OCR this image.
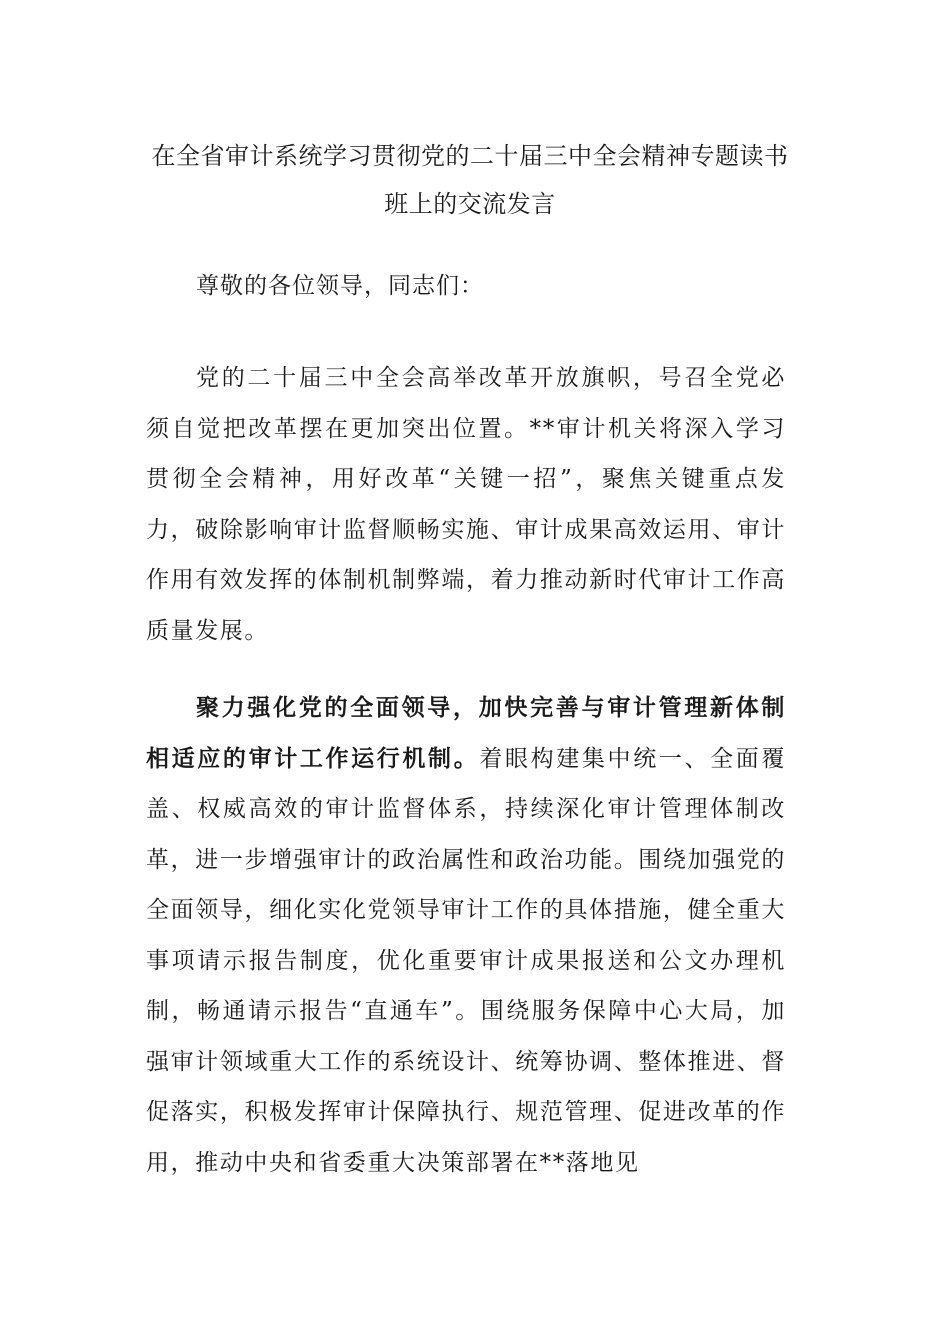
在全省审计系统学习贯彻党的二十届三中全会精神专题读书班上的交流发言

尊敬的各位领导，同志们：

党的二十届三中全会高举改革开放旗帜，号召全党必须自觉把改革摆在更加突出位置。**审计机关将深入学习贯彻全会精神，用好改革“关键一招”，聚焦关键重点发力，破除影响审计监督顺畅实施、审计成果高效运用、审计作用有效发挥的体制机制弊端，着力推动新时代审计工作高质量发展。

聚力强化党的全面领导，加快完善与审计管理新体制相适应的审计工作运行机制。着眼构建集中统一、全面覆盖、权威高效的审计监督体系，持续深化审计管理体制改革，进一步增强审计的政治属性和政治功能。围绕加强党的全面领导，细化实化党领导审计工作的具体措施，健全重大事项请示报告制度，优化重要审计成果报送和公文办理机制，畅通请示报告“直通车”。围绕服务保障中心大局，加强审计领域重大工作的系统设计、统筹协调、整体推进、督促落实，积极发挥审计保障执行、规范管理、促进改革的作用，推动中央和省委重大决策部署在**落地见
